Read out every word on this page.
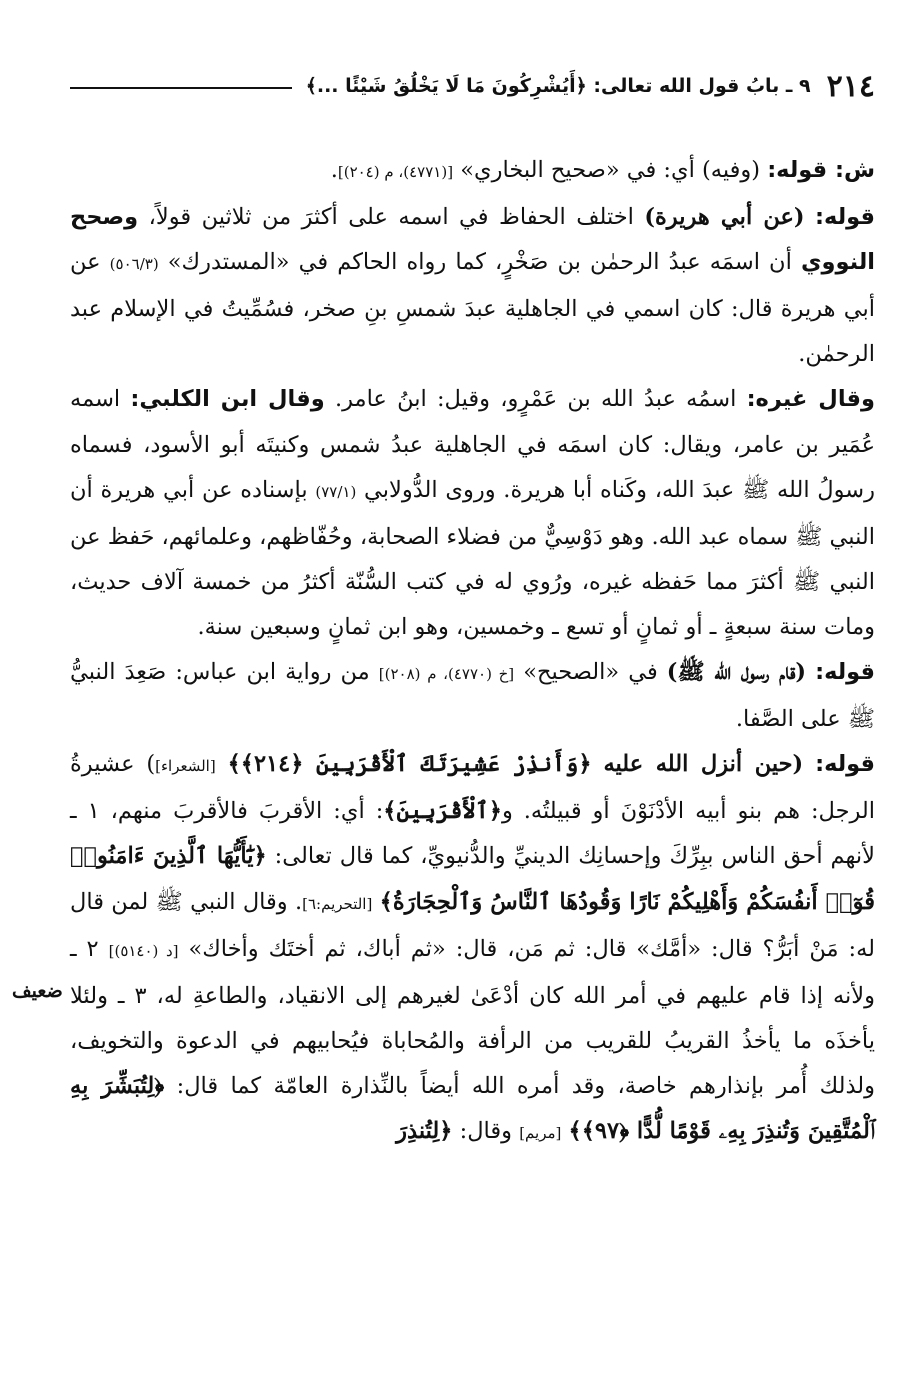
٢١٤
٩ ـ بابُ قول الله تعالى: ﴿أَيُشْرِكُونَ مَا لَا يَخْلُقُ شَيْئًا ...﴾

ش: قوله: (وفيه) أي: في «صحيح البخاري» [(٤٧٧١)، م (٢٠٤)].

قوله: (عن أبي هريرة) اختلف الحفاظ في اسمه على أكثرَ من ثلاثين قولاً، وصحح النووي أن اسمَه عبدُ الرحمٰن بن صَخْرٍ، كما رواه الحاكم في «المستدرك» (٥٠٦/٣) عن أبي هريرة قال: كان اسمي في الجاهلية عبدَ شمسِ بنِ صخر، فسُمِّيتُ في الإسلام عبد الرحمٰن.

وقال غيره: اسمُه عبدُ الله بن عَمْرٍو، وقيل: ابنُ عامر. وقال ابن الكلبي: اسمه عُمَير بن عامر، ويقال: كان اسمَه في الجاهلية عبدُ شمس وكنيتَه أبو الأسود، فسماه رسولُ الله ﷺ عبدَ الله، وكَناه أبا هريرة. وروى الدُّولابي (٧٧/١) بإسناده عن أبي هريرة أن النبي ﷺ سماه عبد الله. وهو دَوْسِيٌّ من فضلاء الصحابة، وحُفّاظهم، وعلمائهم، حَفظ عن النبي ﷺ أكثرَ مما حَفظه غيره، ورُوي له في كتب السُّنّة أكثرُ من خمسة آلاف حديث، ومات سنة سبعةٍ ـ أو ثمانٍ أو تسع ـ وخمسين، وهو ابن ثمانٍ وسبعين سنة.

قوله: (قام رسول الله ﷺ) في «الصحيح» [خ (٤٧٧٠)، م (٢٠٨)] من رواية ابن عباس: صَعِدَ النبيُّ ﷺ على الصَّفا.

قوله: (حين أنزل الله عليه ﴿وَأَنذِرْ عَشِيرَتَكَ ٱلْأَقْرَبِينَ ﴿٢١٤﴾﴾ [الشعراء]) عشيرةُ الرجل: هم بنو أبيه الأدْنَوْنَ أو قبيلتُه. و﴿ٱلْأَقْرَبِينَ﴾: أي: الأقربَ فالأقربَ منهم، ١ ـ لأنهم أحق الناس ببِرِّكَ وإحسانِك الدينيِّ والدُّنيويِّ، كما قال تعالى: ﴿يَٰٓأَيُّهَا ٱلَّذِينَ ءَامَنُوا۟ قُوٓا۟ أَنفُسَكُمْ وَأَهْلِيكُمْ نَارًا وَقُودُهَا ٱلنَّاسُ وَٱلْحِجَارَةُ﴾ [التحريم:٦]. وقال النبي ﷺ لمن قال له: مَنْ أبَرُّ؟ قال: «أمَّك» قال: ثم مَن، قال: «ثم أباك، ثم أختَك وأخاك» [د (٥١٤٠)] ٢ ـ ولأنه إذا قام عليهم في أمر الله كان أدْعَىٰ لغيرهم إلى الانقياد، والطاعةِ له، ٣ ـ ولئلا يأخذَه ما يأخذُ القريبُ للقريب من الرأفة والمُحاباة فيُحابيهم في الدعوة والتخويف، ولذلك أُمر بإنذارهم خاصة، وقد أمره الله أيضاً بالنِّذارة العامّة كما قال: ﴿لِتُبَشِّرَ بِهِ ٱلْمُتَّقِينَ وَتُنذِرَ بِهِۦ قَوْمًا لُّدًّا ﴿٩٧﴾﴾ [مريم] وقال: ﴿لِتُنذِرَ

ضعيف
